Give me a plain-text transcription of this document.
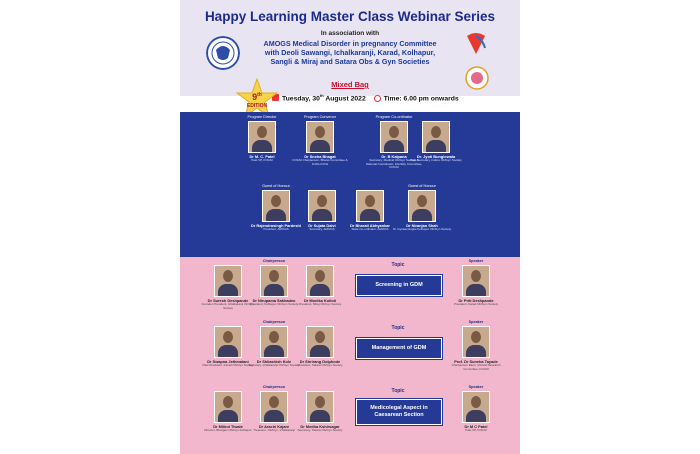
Happy Learning Master Class Webinar Series
In association with
AMOGS Medical Disorder in pregnancy Committee
with Deoli Sawangi, Ichalkaranji, Karad, Kolhapur,
Sangli & Miraj and Satara Obs & Gyn Societies
Mixed Bag
Tuesday, 30th August 2022	Time: 6.00 pm onwards
9th
EDITION
Program Director
Dr M. C. Patel
Past VP, FOGSI
Program Convenor
Dr Sneha Bhagat
FOGSI Chairperson, Bharat Committee & ICOG-ICOG
Program Co-ordinator
Dr. B Kalpana
Secretary, Medical Ob/Gyn Society & National Coordinator, Infertility Committee, FOGSI
Dr. Jyoti Bunglowala
Past Secretary, Indore Ob/Gyn Society
Guest of Honour
Dr Rajendrasingh Pardeshi
President, AMOGS
Dr Sujata Dalvi
Secretary, AMOGS
Dr Bharati Abhyankar
State Co-ordinator, AMOGS
Guest of Honour
Dr Niranjan Shah
Sr. Gynaecologist Kolhapur Ob/Gyn Society
Dr Suresh Deshpande
Founder President, Ichalkaranji Ob/Gyn Society
Chairperson
Dr Nirupama Sakhadeo
President, Kolhapur Ob/Gyn Society
Dr Monika Kolloti
President, Miraj Ob/Gyn Society
Topic
Screening in GDM
Speaker
Dr Priti Deshpande
President, Karad Ob/Gyn Society
Dr Swapna Jethmalani
Past President, Karad Ob/Gyn Society
Chairperson
Dr Shilashish Kole
Secretary, Ichalkaranji Ob/Gyn Society
Dr Shrirang Dolphode
President, Satara Ob/Gyn Society
Topic
Management of GDM
Speaker
Prof. Dr Suneha Tayade
Chairperson Elect, Clinical Research Committee, FOGSI
Dr Milind Tiwale
Director, Bhargav Ob/Gyn Kolhapur
Chairperson
Dr Arachi Kajare
Treasurer, Ob/Gyn, Ichalkaranji
Dr Medha Kshirsagar
Secretary, Satara Ob/Gyn Society
Topic
Medicolegal Aspect in Caesarean Section
Speaker
Dr M C Patel
Past VP, FOGSI
